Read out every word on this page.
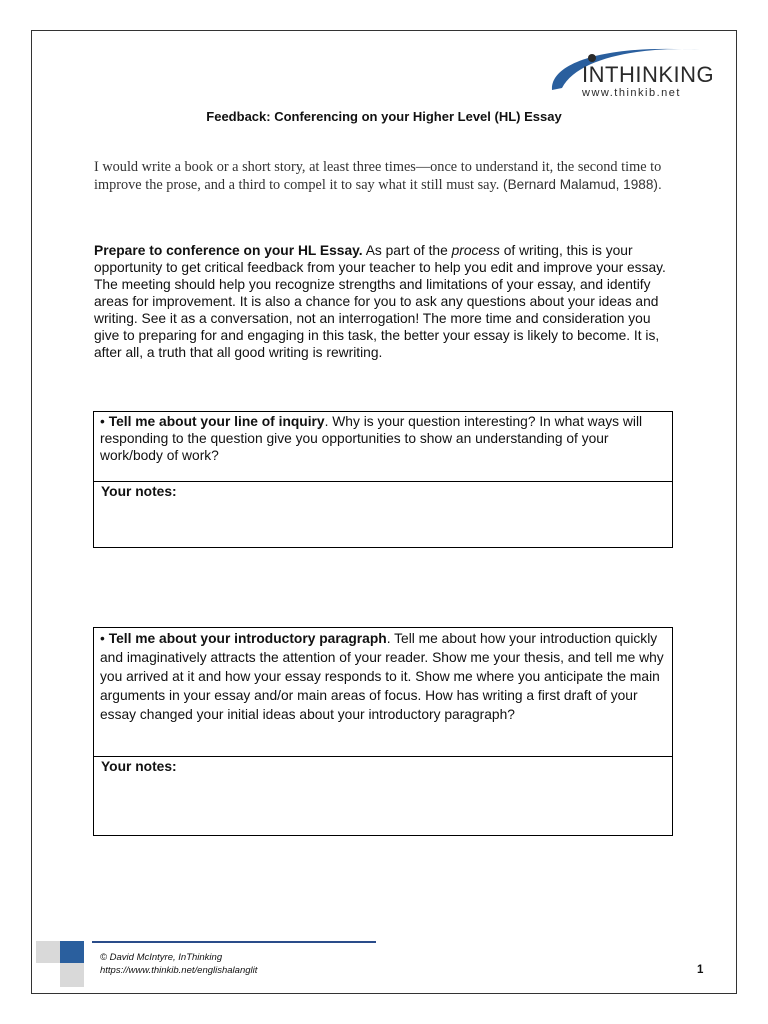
INTHINKING
www.thinkib.net
Feedback: Conferencing on your Higher Level (HL) Essay
I would write a book or a short story, at least three times—once to understand it, the second time to improve the prose, and a third to compel it to say what it still must say. (Bernard Malamud, 1988).
Prepare to conference on your HL Essay. As part of the process of writing, this is your opportunity to get critical feedback from your teacher to help you edit and improve your essay. The meeting should help you recognize strengths and limitations of your essay, and identify areas for improvement. It is also a chance for you to ask any questions about your ideas and writing. See it as a conversation, not an interrogation! The more time and consideration you give to preparing for and engaging in this task, the better your essay is likely to become. It is, after all, a truth that all good writing is rewriting.
• Tell me about your line of inquiry. Why is your question interesting? In what ways will responding to the question give you opportunities to show an understanding of your work/body of work?
Your notes:
• Tell me about your introductory paragraph. Tell me about how your introduction quickly and imaginatively attracts the attention of your reader. Show me your thesis, and tell me why you arrived at it and how your essay responds to it. Show me where you anticipate the main arguments in your essay and/or main areas of focus. How has writing a first draft of your essay changed your initial ideas about your introductory paragraph?
Your notes:
© David McIntyre, InThinking
https://www.thinkib.net/englishalanglit	1
